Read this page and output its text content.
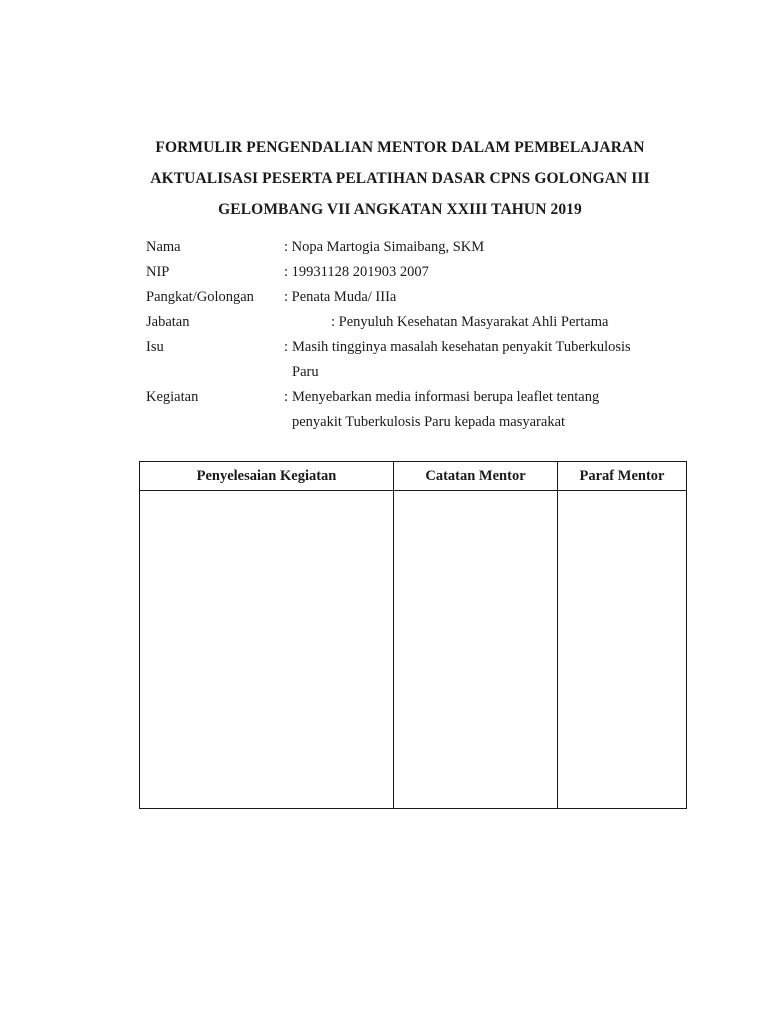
FORMULIR PENGENDALIAN MENTOR DALAM PEMBELAJARAN
AKTUALISASI PESERTA PELATIHAN DASAR CPNS GOLONGAN III
GELOMBANG VII ANGKATAN XXIII TAHUN 2019
Nama	: Nopa Martogia Simaibang, SKM
NIP	: 19931128 201903 2007
Pangkat/Golongan : Penata Muda/ IIIa
Jabatan	: Penyuluh Kesehatan Masyarakat Ahli Pertama
Isu	: Masih tingginya masalah kesehatan penyakit Tuberkulosis
Paru
Kegiatan	: Menyebarkan media informasi berupa leaflet tentang
penyakit Tuberkulosis Paru kepada masyarakat
Penyelesaian Kegiatan	Catatan Mentor	Paraf Mentor
